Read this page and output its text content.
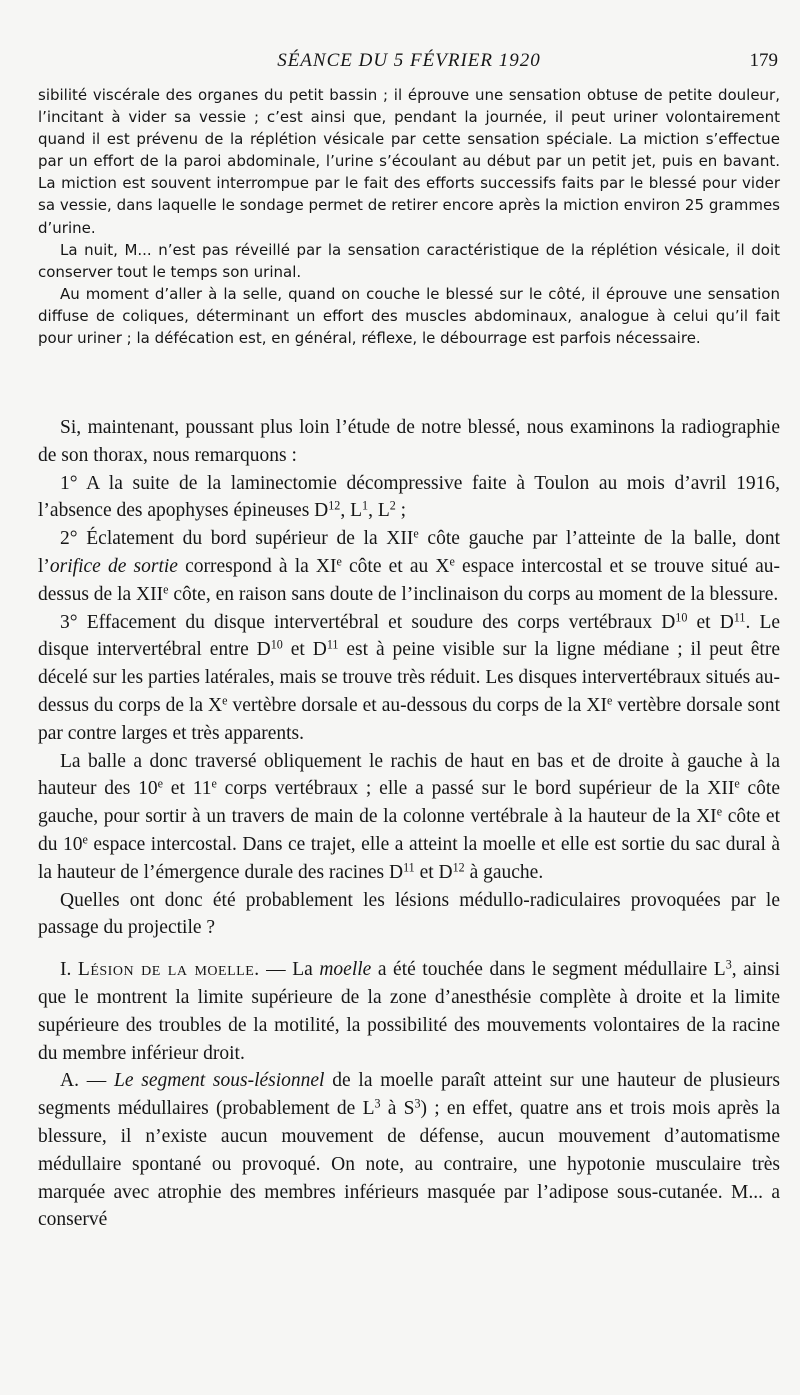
SÉANCE DU 5 FÉVRIER 1920	179

sibilité viscérale des organes du petit bassin ; il éprouve une sensation obtuse de petite douleur, l’incitant à vider sa vessie ; c’est ainsi que, pendant la journée, il peut uriner volontairement quand il est prévenu de la réplétion vésicale par cette sensation spéciale. La miction s’effectue par un effort de la paroi abdominale, l’urine s’écoulant au début par un petit jet, puis en bavant. La miction est souvent interrompue par le fait des efforts successifs faits par le blessé pour vider sa vessie, dans laquelle le sondage permet de retirer encore après la miction environ 25 grammes d’urine.

La nuit, M... n’est pas réveillé par la sensation caractéristique de la réplétion vésicale, il doit conserver tout le temps son urinal.

Au moment d’aller à la selle, quand on couche le blessé sur le côté, il éprouve une sensation diffuse de coliques, déterminant un effort des muscles abdominaux, analogue à celui qu’il fait pour uriner ; la défécation est, en général, réflexe, le débourrage est parfois nécessaire.

Si, maintenant, poussant plus loin l’étude de notre blessé, nous examinons la radiographie de son thorax, nous remarquons :

1° A la suite de la laminectomie décompressive faite à Toulon au mois d’avril 1916, l’absence des apophyses épineuses $D^{12}$, $L^1$, $L^2$ ;

2° Éclatement du bord supérieur de la XIIe côte gauche par l’atteinte de la balle, dont l’orifice de sortie correspond à la XIe côte et au Xe espace intercostal et se trouve situé au-dessus de la XIIe côte, en raison sans doute de l’inclinaison du corps au moment de la blessure.

3° Effacement du disque intervertébral et soudure des corps vertébraux $D^{10}$ et $D^{11}$. Le disque intervertébral entre $D^{10}$ et $D^{11}$ est à peine visible sur la ligne médiane ; il peut être décelé sur les parties latérales, mais se trouve très réduit. Les disques intervertébraux situés au-dessus du corps de la Xe vertèbre dorsale et au-dessous du corps de la XIe vertèbre dorsale sont par contre larges et très apparents.

La balle a donc traversé obliquement le rachis de haut en bas et de droite à gauche à la hauteur des 10e et 11e corps vertébraux ; elle a passé sur le bord supérieur de la XIIe côte gauche, pour sortir à un travers de main de la colonne vertébrale à la hauteur de la XIe côte et du 10e espace intercostal. Dans ce trajet, elle a atteint la moelle et elle est sortie du sac dural à la hauteur de l’émergence durale des racines $D^{11}$ et $D^{12}$ à gauche.

Quelles ont donc été probablement les lésions médullo-radiculaires provoquées par le passage du projectile ?

I. Lésion de la moelle. — La moelle a été touchée dans le segment médullaire $L^3$, ainsi que le montrent la limite supérieure de la zone d’anesthésie complète à droite et la limite supérieure des troubles de la motilité, la possibilité des mouvements volontaires de la racine du membre inférieur droit.

A. — Le segment sous-lésionnel de la moelle paraît atteint sur une hauteur de plusieurs segments médullaires (probablement de $L^3$ à $S^3$) ; en effet, quatre ans et trois mois après la blessure, il n’existe aucun mouvement de défense, aucun mouvement d’automatisme médullaire spontané ou provoqué. On note, au contraire, une hypotonie musculaire très marquée avec atrophie des membres inférieurs masquée par l’adipose sous-cutanée. M... a conservé
